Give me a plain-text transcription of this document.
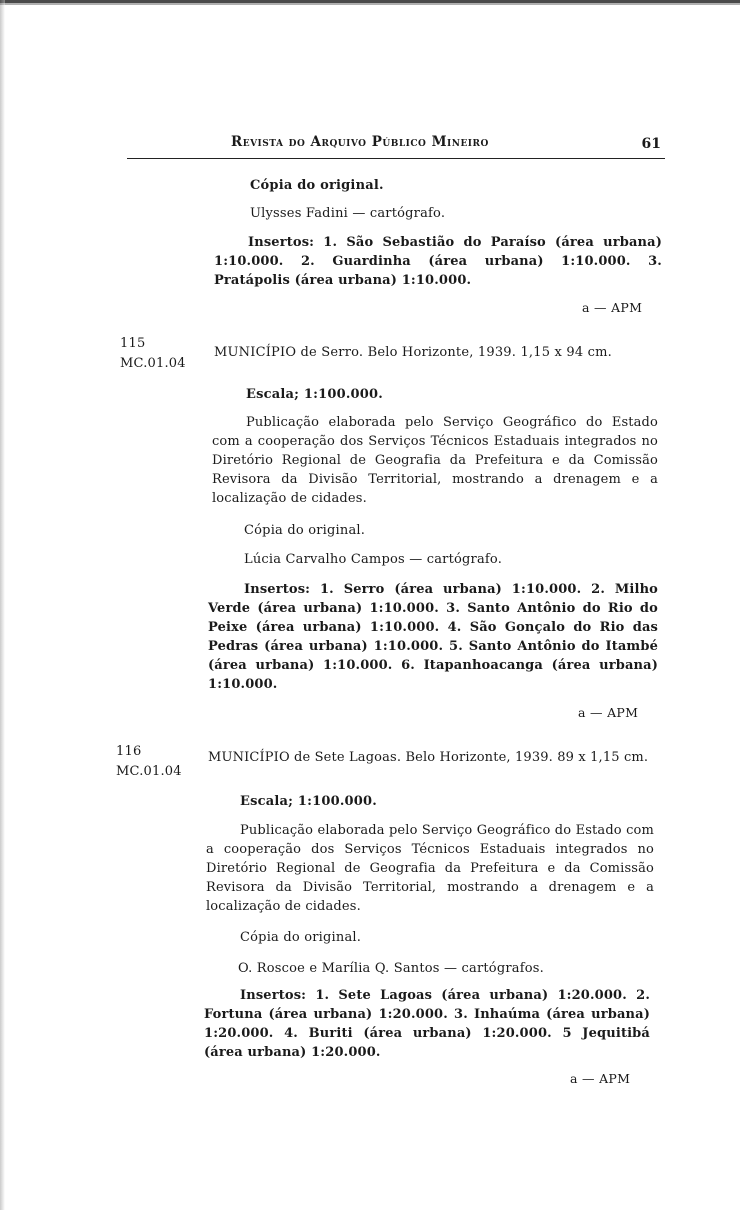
Revista do Arquivo Público Mineiro	61
Cópia do original.
Ulysses Fadini — cartógrafo.
Insertos: 1. São Sebastião do Paraíso (área urbana) 1:10.000. 2. Guardinha (área urbana) 1:10.000. 3. Pratápolis (área urbana) 1:10.000.
a — APM
115
MC.01.04
MUNICÍPIO de Serro. Belo Horizonte, 1939. 1,15 x 94 cm.
Escala; 1:100.000.
Publicação elaborada pelo Serviço Geográfico do Estado com a cooperação dos Serviços Técnicos Estaduais integrados no Diretório Regional de Geografia da Prefeitura e da Comissão Revisora da Divisão Territorial, mostrando a drenagem e a localização de cidades.
Cópia do original.
Lúcia Carvalho Campos — cartógrafo.
Insertos: 1. Serro (área urbana) 1:10.000. 2. Milho Verde (área urbana) 1:10.000. 3. Santo Antônio do Rio do Peixe (área urbana) 1:10.000. 4. São Gonçalo do Rio das Pedras (área urbana) 1:10.000. 5. Santo Antônio do Itambé (área urbana) 1:10.000. 6. Itapanhoacanga (área urbana) 1:10.000.
a — APM
116
MC.01.04
MUNICÍPIO de Sete Lagoas. Belo Horizonte, 1939. 89 x 1,15 cm.
Escala; 1:100.000.
Publicação elaborada pelo Serviço Geográfico do Estado com a cooperação dos Serviços Técnicos Estaduais integrados no Diretório Regional de Geografia da Prefeitura e da Comissão Revisora da Divisão Territorial, mostrando a drenagem e a localização de cidades.
Cópia do original.
O. Roscoe e Marília Q. Santos — cartógrafos.
Insertos: 1. Sete Lagoas (área urbana) 1:20.000. 2. Fortuna (área urbana) 1:20.000. 3. Inhaúma (área urbana) 1:20.000. 4. Buriti (área urbana) 1:20.000. 5 Jequitibá (área urbana) 1:20.000.
a — APM
